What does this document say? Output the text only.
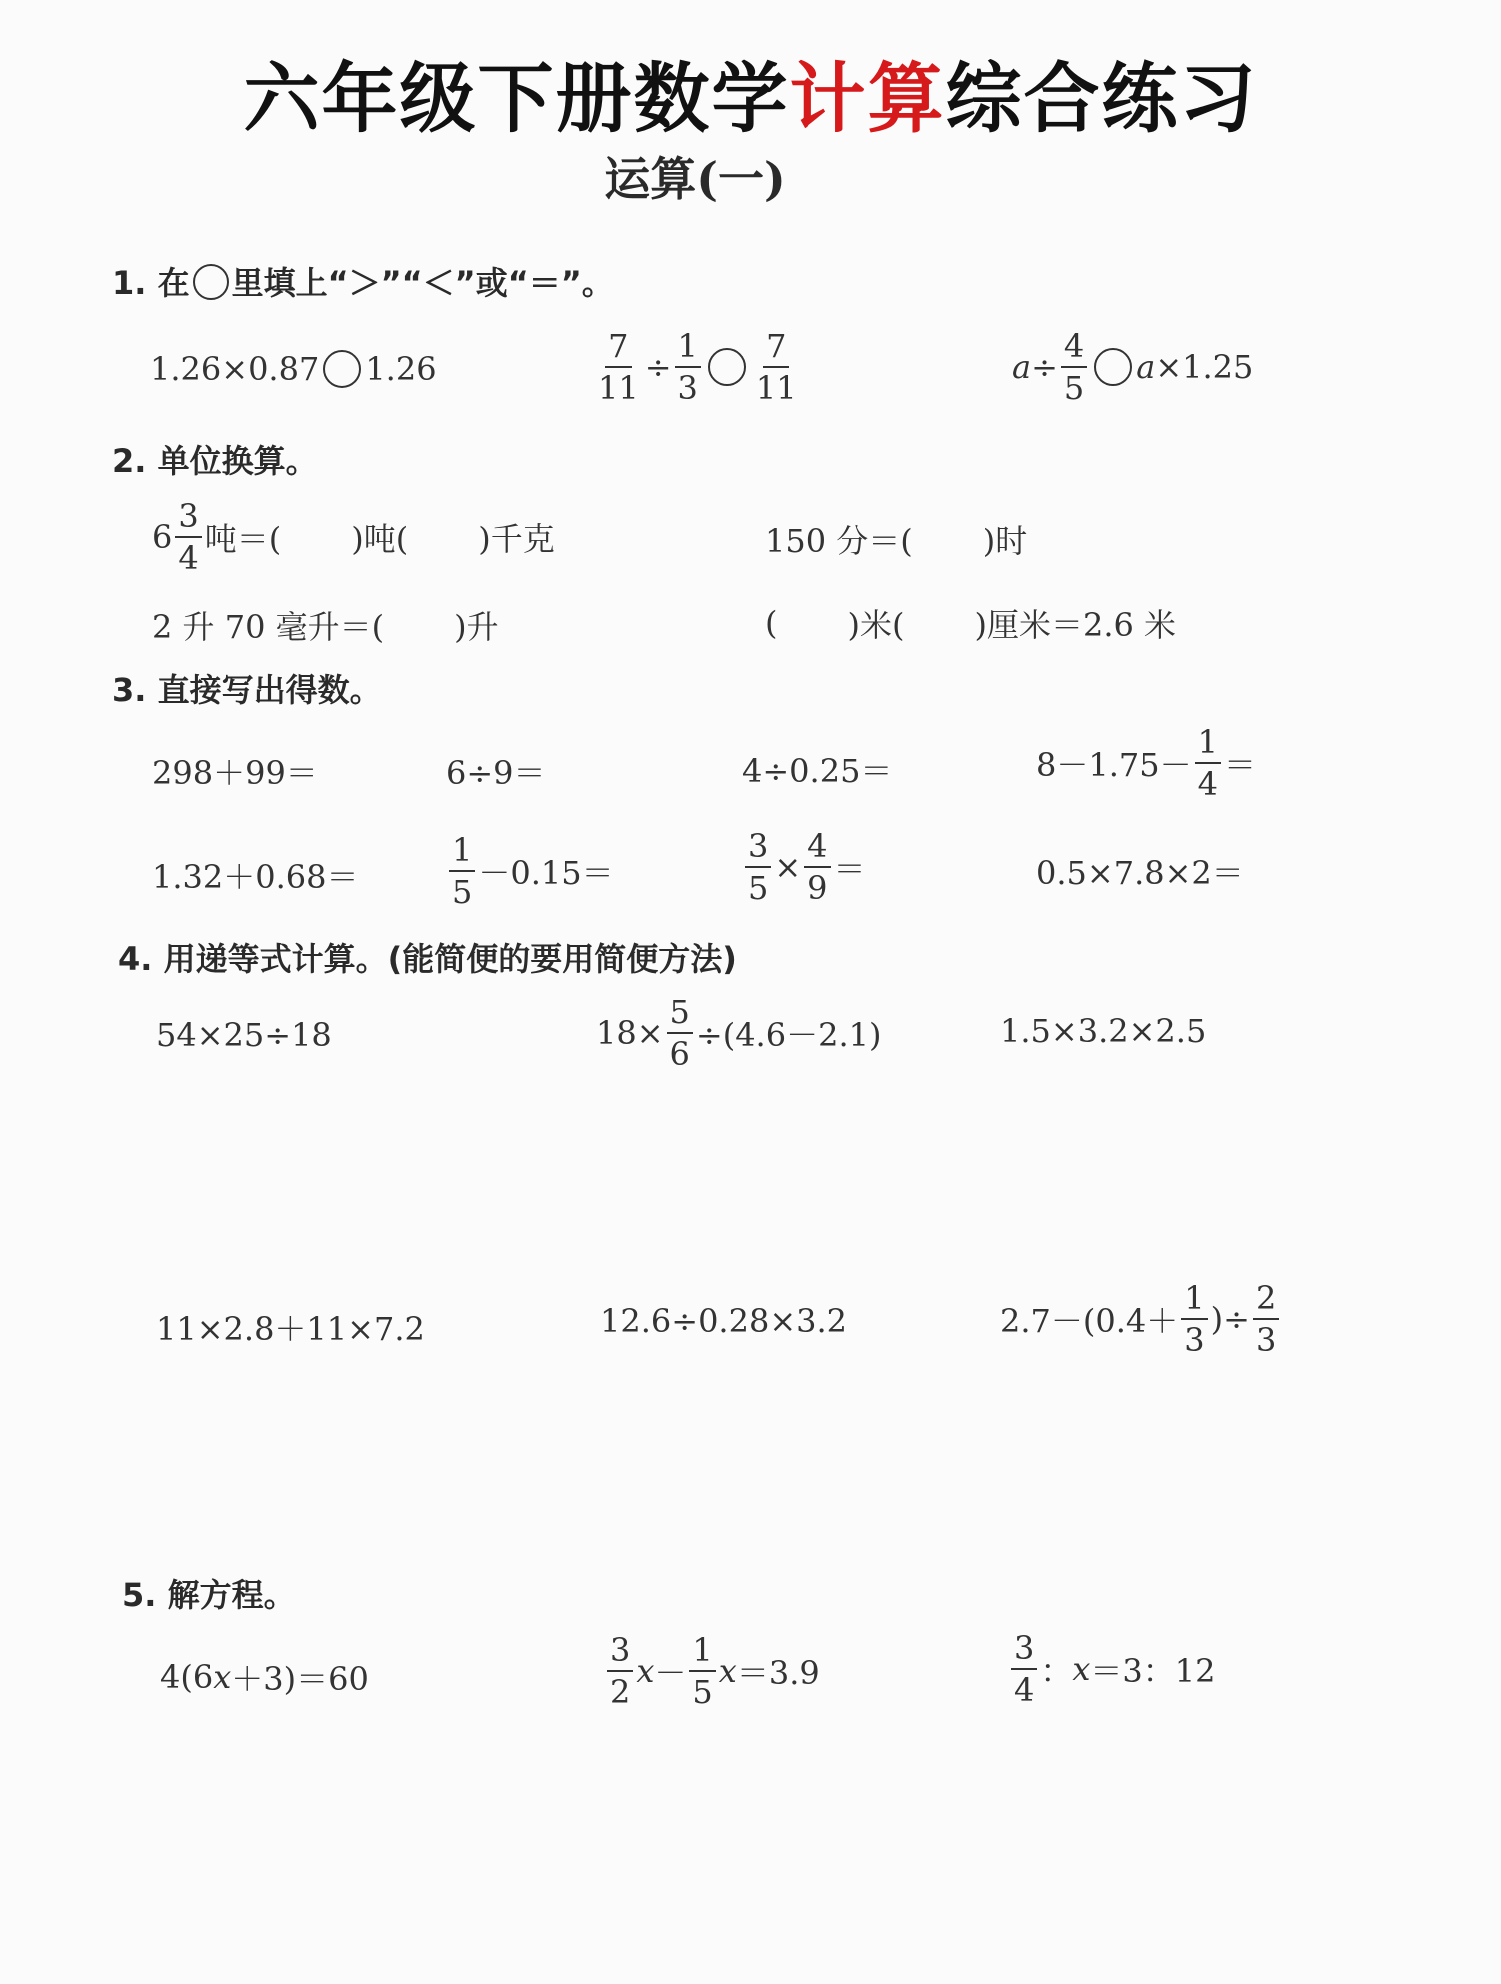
六年级下册数学计算综合练习
运算(一)
1. 在 里填上“＞”“＜”或“＝”。
1.26×0.87 1.26	$\frac{7}{11} \div \frac{1}{3} \frac{7}{11}$	$a \div \frac{4}{5}$ a ×1.25
2. 单位换算。
$6 \frac{3}{4}$ 吨＝( )吨( )千克	150 分＝( )时
2 升 70 毫升＝( )升	( )米( )厘米＝2.6 米
3. 直接写出得数。
298＋99＝	6÷9＝	4÷0.25＝	$8-1.75- \frac{1}{4}$ ＝
1.32＋0.68＝	$\frac{1}{5} -0.15=$	$\frac{3}{5} \times \frac{4}{9}$ ＝	0.5×7.8×2＝
4. 用递等式计算。(能简便的要用简便方法)
54×25÷18	$18\times \frac{5}{6} \div(4.6-2.1)$	1.5×3.2×2.5
11×2.8＋11×7.2	12.6÷0.28×3.2	$2.7-(0.4+ \frac{1}{3}$ )÷ $\frac{2}{3}$
5. 解方程。
4(6 x ＋3)＝60	$\frac{3}{2}$ $x - \frac{1}{5}$ x ＝3.9	$\frac{3}{4}$ ： x ＝3：12
